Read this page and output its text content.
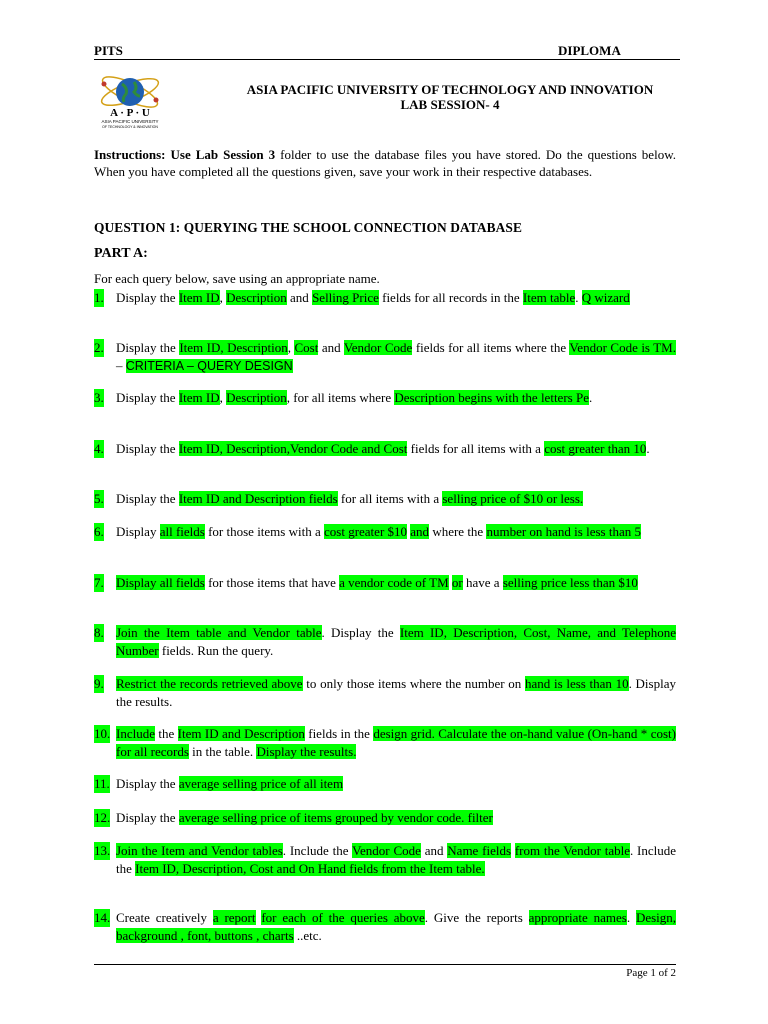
PITS	DIPLOMA
A · P · U
ASIA PACIFIC UNIVERSITY
OF TECHNOLOGY & INNOVATION
ASIA PACIFIC UNIVERSITY OF TECHNOLOGY AND INNOVATION
LAB SESSION- 4
Instructions: Use Lab Session 3 folder to use the database files you have stored. Do the questions below. When you have completed all the questions given, save your work in their respective databases.
QUESTION 1: QUERYING THE SCHOOL CONNECTION DATABASE
PART A:
For each query below, save using an appropriate name.
1. Display the Item ID, Description and Selling Price fields for all records in the Item table. Q wizard
2. Display the Item ID, Description, Cost and Vendor Code fields for all items where the Vendor Code is TM. – CRITERIA – QUERY DESIGN
3. Display the Item ID, Description, for all items where Description begins with the letters Pe.
4. Display the Item ID, Description,Vendor Code and Cost fields for all items with a cost greater than 10.
5. Display the Item ID and Description fields for all items with a selling price of $10 or less.
6. Display all fields for those items with a cost greater $10 and where the number on hand is less than 5
7. Display all fields for those items that have a vendor code of TM or have a selling price less than $10
8. Join the Item table and Vendor table. Display the Item ID, Description, Cost, Name, and Telephone Number fields. Run the query.
9. Restrict the records retrieved above to only those items where the number on hand is less than 10. Display the results.
10. Include the Item ID and Description fields in the design grid. Calculate the on-hand value (On-hand * cost) for all records in the table. Display the results.
11. Display the average selling price of all item
12. Display the average selling price of items grouped by vendor code. filter
13. Join the Item and Vendor tables. Include the Vendor Code and Name fields from the Vendor table. Include the Item ID, Description, Cost and On Hand fields from the Item table.
14. Create creatively a report for each of the queries above. Give the reports appropriate names. Design, background , font, buttons , charts ..etc.
Page 1 of 2
